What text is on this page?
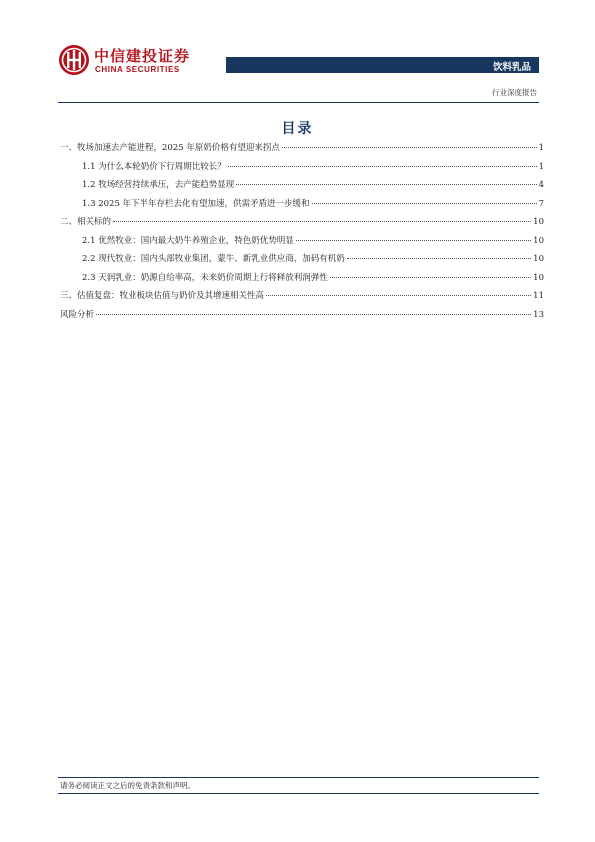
中信建投证券
CHINA SECURITIES	饮料乳品
行业深度报告
目录
一、牧场加速去产能进程，2025 年原奶价格有望迎来拐点	1
1.1 为什么本轮奶价下行周期比较长？	1
1.2 牧场经营持续承压，去产能趋势显现	4
1.3 2025 年下半年存栏去化有望加速，供需矛盾进一步缓和	7
二、相关标的	10
2.1 优然牧业：国内最大奶牛养殖企业，特色奶优势明显	10
2.2 现代牧业：国内头部牧业集团，蒙牛、新乳业供应商，加码有机奶	10
2.3 天润乳业：奶源自给率高，未来奶价周期上行将释放利润弹性	10
三、估值复盘：牧业板块估值与奶价及其增速相关性高	11
风险分析	13
请务必阅读正文之后的免责条款和声明。
